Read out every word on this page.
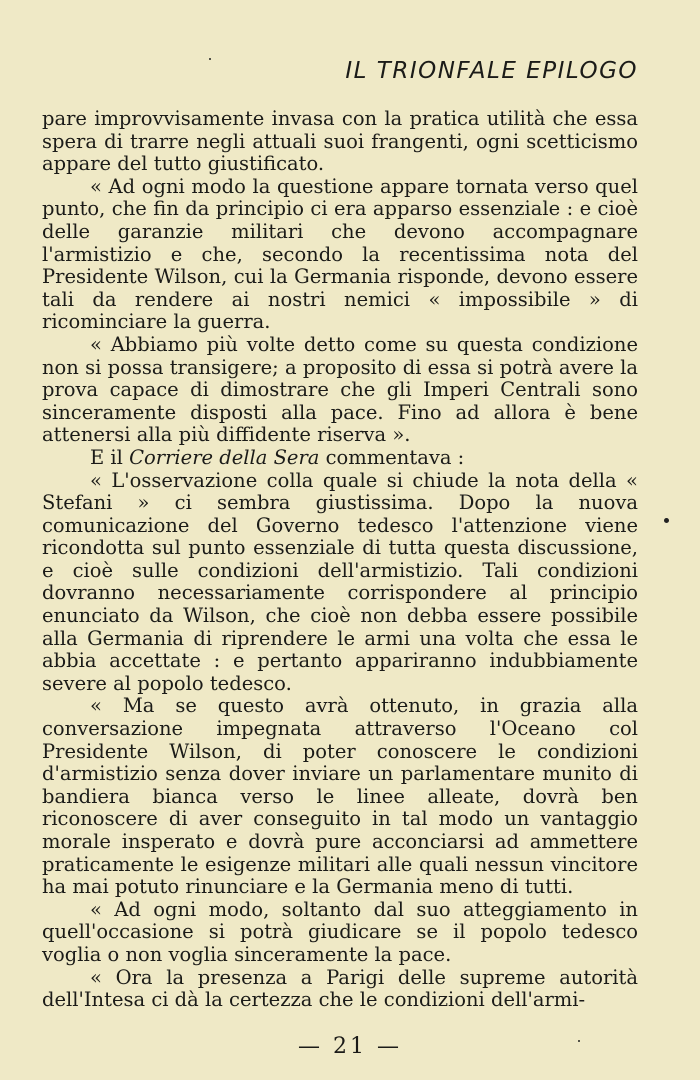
IL TRIONFALE EPILOGO

pare improvvisamente invasa con la pratica utilità che essa spera di trarre negli attuali suoi frangenti, ogni scetticismo appare del tutto giustificato.

« Ad ogni modo la questione appare tornata verso quel punto, che fin da principio ci era apparso essenziale : e cioè delle garanzie militari che devono accompagnare l'armistizio e che, secondo la recentissima nota del Presidente Wilson, cui la Germania risponde, devono essere tali da rendere ai nostri nemici « impossibile » di ricominciare la guerra.

« Abbiamo più volte detto come su questa condizione non si possa transigere; a proposito di essa si potrà avere la prova capace di dimostrare che gli Imperi Centrali sono sinceramente disposti alla pace. Fino ad allora è bene attenersi alla più diffidente riserva ».

E il Corriere della Sera commentava :

« L'osservazione colla quale si chiude la nota della « Stefani » ci sembra giustissima. Dopo la nuova comunicazione del Governo tedesco l'attenzione viene ricondotta sul punto essenziale di tutta questa discussione, e cioè sulle condizioni dell'armistizio. Tali condizioni dovranno necessariamente corrispondere al principio enunciato da Wilson, che cioè non debba essere possibile alla Germania di riprendere le armi una volta che essa le abbia accettate : e pertanto appariranno indubbiamente severe al popolo tedesco.

« Ma se questo avrà ottenuto, in grazia alla conversazione impegnata attraverso l'Oceano col Presidente Wilson, di poter conoscere le condizioni d'armistizio senza dover inviare un parlamentare munito di bandiera bianca verso le linee alleate, dovrà ben riconoscere di aver conseguito in tal modo un vantaggio morale insperato e dovrà pure acconciarsi ad ammettere praticamente le esigenze militari alle quali nessun vincitore ha mai potuto rinunciare e la Germania meno di tutti.

« Ad ogni modo, soltanto dal suo atteggiamento in quell'occasione si potrà giudicare se il popolo tedesco voglia o non voglia sinceramente la pace.

« Ora la presenza a Parigi delle supreme autorità dell'Intesa ci dà la certezza che le condizioni dell'armi-

— 21 —
